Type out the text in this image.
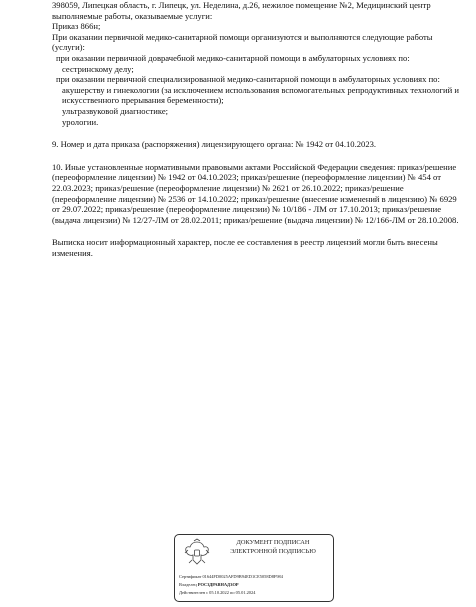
398059, Липецкая область, г. Липецк, ул. Неделина, д.26, нежилое помещение №2, Медицинский центр

выполняемые работы, оказываемые услуги:

Приказ 866н;

При оказании первичной медико-санитарной помощи организуются и выполняются следующие работы (услуги):

при оказании первичной доврачебной медико-санитарной помощи в амбулаторных условиях по:

сестринскому делу;

при оказании первичной специализированной медико-санитарной помощи в амбулаторных условиях по:

акушерству и гинекологии (за исключением использования вспомогательных репродуктивных технологий и искусственного прерывания беременности);

ультразвуковой диагностике;

урологии.

9. Номер и дата приказа (распоряжения) лицензирующего органа: № 1942 от 04.10.2023.

10. Иные установленные нормативными правовыми актами Российской Федерации сведения: приказ/решение (переоформление лицензии) № 1942 от 04.10.2023; приказ/решение (переоформление лицензии) № 454 от 22.03.2023; приказ/решение (переоформление лицензии) № 2621 от 26.10.2022; приказ/решение (переоформление лицензии) № 2536 от 14.10.2022; приказ/решение (внесение изменений в лицензию) № 6929 от 29.07.2022; приказ/решение (переоформление лицензии) № 10/186 - ЛМ от 17.10.2013; приказ/решение (выдача лицензии) № 12/27-ЛМ от 28.02.2011; приказ/решение (выдача лицензии) № 12/166-ЛМ от 28.10.2008.

Выписка носит информационный характер, после ее составления в реестр лицензий могли быть внесены изменения.

ДОКУМЕНТ ПОДПИСАН
ЭЛЕКТРОННОЙ ПОДПИСЬЮ
Сертификат 01644FD0025AFD9B94ED1CE5058D8F984
Владелец РОСЗДРАВНАДЗОР
Действителен с 05.10.2022 по 05.01.2024
